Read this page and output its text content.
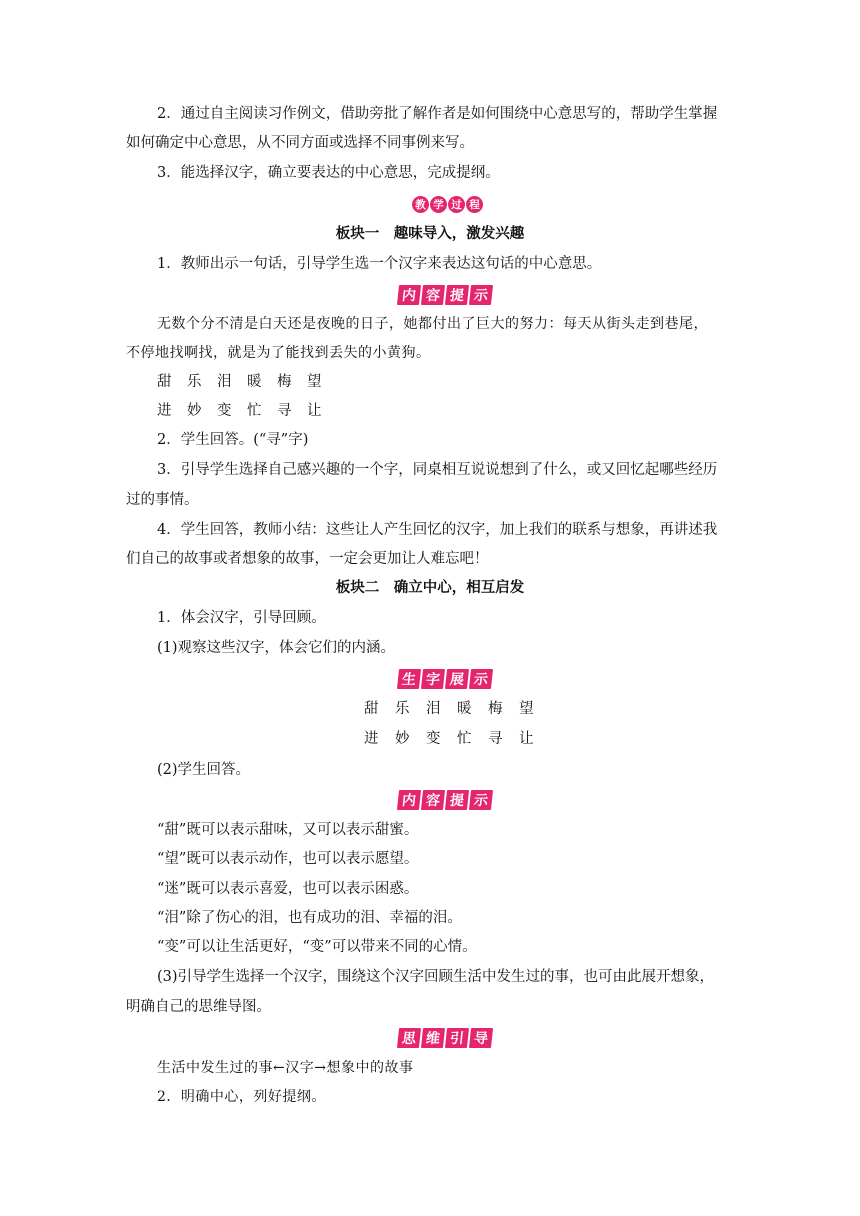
2．通过自主阅读习作例文，借助旁批了解作者是如何围绕中心意思写的，帮助学生掌握
如何确定中心意思，从不同方面或选择不同事例来写。
3．能选择汉字，确立要表达的中心意思，完成提纲。
教 学 过 程
板块一　趣味导入，激发兴趣
1．教师出示一句话，引导学生选一个汉字来表达这句话的中心意思。
内 容 提 示
无数个分不清是白天还是夜晚的日子，她都付出了巨大的努力：每天从街头走到巷尾，
不停地找啊找，就是为了能找到丢失的小黄狗。
甜 乐 泪 暖 梅 望
进 妙 变 忙 寻 让
2．学生回答。(“寻”字)
3．引导学生选择自己感兴趣的一个字，同桌相互说说想到了什么，或又回忆起哪些经历
过的事情。
4．学生回答，教师小结：这些让人产生回忆的汉字，加上我们的联系与想象，再讲述我
们自己的故事或者想象的故事，一定会更加让人难忘吧！
板块二　确立中心，相互启发
1．体会汉字，引导回顾。
(1)观察这些汉字，体会它们的内涵。
生 字 展 示
甜 乐 泪 暖 梅 望
进 妙 变 忙 寻 让
(2)学生回答。
内 容 提 示
“甜”既可以表示甜味，又可以表示甜蜜。
“望”既可以表示动作，也可以表示愿望。
“迷”既可以表示喜爱，也可以表示困惑。
“泪”除了伤心的泪，也有成功的泪、幸福的泪。
“变”可以让生活更好，“变”可以带来不同的心情。
(3)引导学生选择一个汉字，围绕这个汉字回顾生活中发生过的事，也可由此展开想象，
明确自己的思维导图。
思 维 引 导
生活中发生过的事←汉字→想象中的故事
2．明确中心，列好提纲。
